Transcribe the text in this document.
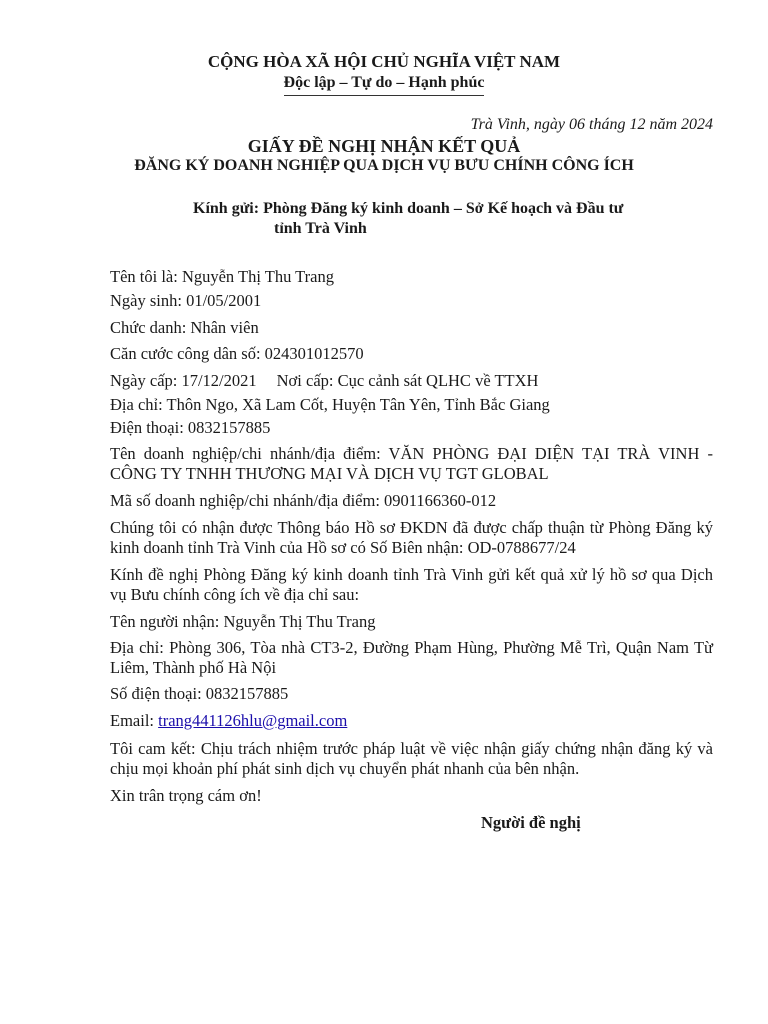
CỘNG HÒA XÃ HỘI CHỦ NGHĨA VIỆT NAM
Độc lập – Tự do – Hạnh phúc
Trà Vinh, ngày 06 tháng 12 năm 2024
GIẤY ĐỀ NGHỊ NHẬN KẾT QUẢ
ĐĂNG KÝ DOANH NGHIỆP QUA DỊCH VỤ BƯU CHÍNH CÔNG ÍCH
Kính gửi: Phòng Đăng ký kinh doanh – Sở Kế hoạch và Đầu tư
tỉnh Trà Vinh

Tên tôi là: Nguyễn Thị Thu Trang

Ngày sinh: 01/05/2001

Chức danh: Nhân viên

Căn cước công dân số: 024301012570

Ngày cấp: 17/12/2021 Nơi cấp: Cục cảnh sát QLHC về TTXH

Địa chỉ: Thôn Ngo, Xã Lam Cốt, Huyện Tân Yên, Tỉnh Bắc Giang

Điện thoại: 0832157885

Tên doanh nghiệp/chi nhánh/địa điểm: VĂN PHÒNG ĐẠI DIỆN TẠI TRÀ VINH - CÔNG TY TNHH THƯƠNG MẠI VÀ DỊCH VỤ TGT GLOBAL

Mã số doanh nghiệp/chi nhánh/địa điểm: 0901166360-012

Chúng tôi có nhận được Thông báo Hồ sơ ĐKDN đã được chấp thuận từ Phòng Đăng ký kinh doanh tỉnh Trà Vinh của Hồ sơ có Số Biên nhận: OD-0788677/24

Kính đề nghị Phòng Đăng ký kinh doanh tỉnh Trà Vinh gửi kết quả xử lý hồ sơ qua Dịch vụ Bưu chính công ích về địa chỉ sau:

Tên người nhận: Nguyễn Thị Thu Trang

Địa chỉ: Phòng 306, Tòa nhà CT3-2, Đường Phạm Hùng, Phường Mễ Trì, Quận Nam Từ Liêm, Thành phố Hà Nội

Số điện thoại: 0832157885

Email: trang441126hlu@gmail.com

Tôi cam kết: Chịu trách nhiệm trước pháp luật về việc nhận giấy chứng nhận đăng ký và chịu mọi khoản phí phát sinh dịch vụ chuyển phát nhanh của bên nhận.

Xin trân trọng cám ơn!

Người đề nghị
